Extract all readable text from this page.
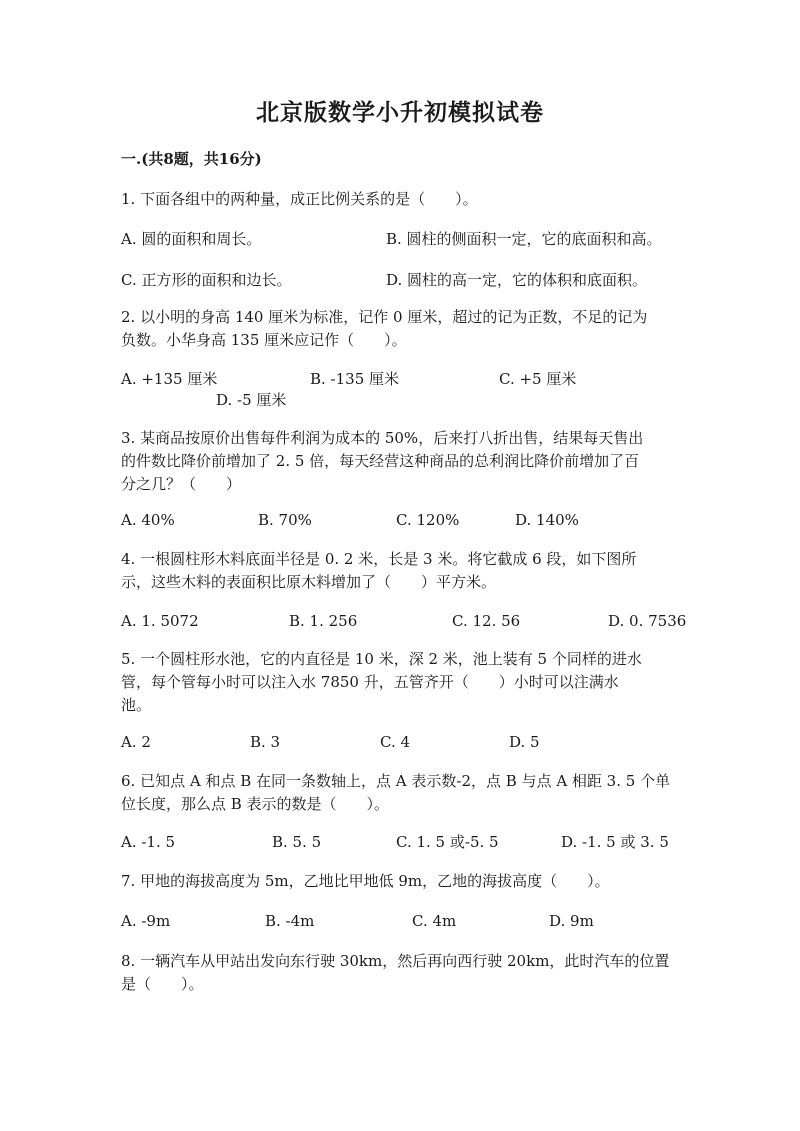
北京版数学小升初模拟试卷
一.(共8题，共16分)
1. 下面各组中的两种量，成正比例关系的是（　　）。
A. 圆的面积和周长。	B. 圆柱的侧面积一定，它的底面积和高。
C. 正方形的面积和边长。	D. 圆柱的高一定，它的体积和底面积。
2. 以小明的身高 140 厘米为标准，记作 0 厘米，超过的记为正数，不足的记为
负数。小华身高 135 厘米应记作（　　）。
A. +135 厘米	B. -135 厘米	C. +5 厘米
D. -5 厘米
3. 某商品按原价出售每件利润为成本的 50%，后来打八折出售，结果每天售出
的件数比降价前增加了 2. 5 倍，每天经营这种商品的总利润比降价前增加了百
分之几？（　　）
A. 40%	B. 70%	C. 120%	D. 140%
4. 一根圆柱形木料底面半径是 0. 2 米，长是 3 米。将它截成 6 段，如下图所
示，这些木料的表面积比原木料增加了（　　）平方米。
A. 1. 5072	B. 1. 256	C. 12. 56	D. 0. 7536
5. 一个圆柱形水池，它的内直径是 10 米，深 2 米，池上装有 5 个同样的进水
管，每个管每小时可以注入水 7850 升，五管齐开（　　）小时可以注满水
池。
A. 2	B. 3	C. 4	D. 5
6. 已知点 A 和点 B 在同一条数轴上，点 A 表示数-2，点 B 与点 A 相距 3. 5 个单
位长度，那么点 B 表示的数是（　　）。
A. -1. 5	B. 5. 5	C. 1. 5 或-5. 5	D. -1. 5 或 3. 5
7. 甲地的海拔高度为 5m，乙地比甲地低 9m，乙地的海拔高度（　　）。
A. -9m	B. -4m	C. 4m	D. 9m
8. 一辆汽车从甲站出发向东行驶 30km，然后再向西行驶 20km，此时汽车的位置
是（　　）。
